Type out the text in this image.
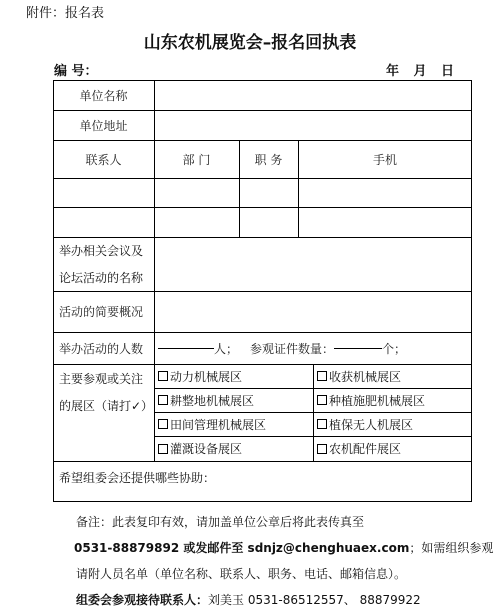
附件：报名表
山东农机展览会–报名回执表
编 号：	年 月 日
单位名称
单位地址
联系人	部 门	职 务	手机
举办相关会议及
论坛活动的名称
活动的简要概况
举办活动的人数	人； 参观证件数量：	个；
主要参观或关注
的展区（请打✓）
动力机械展区	收获机械展区
耕整地机械展区	种植施肥机械展区
田间管理机械展区	植保无人机展区
灌溉设备展区	农机配件展区
希望组委会还提供哪些协助：
备注：此表复印有效，请加盖单位公章后将此表传真至
0531-88879892 或发邮件至 sdnjz@chenghuaex.com；如需组织参观
请附人员名单（单位名称、联系人、职务、电话、邮箱信息）。
组委会参观接待联系人：刘美玉 0531-86512557、 88879922
